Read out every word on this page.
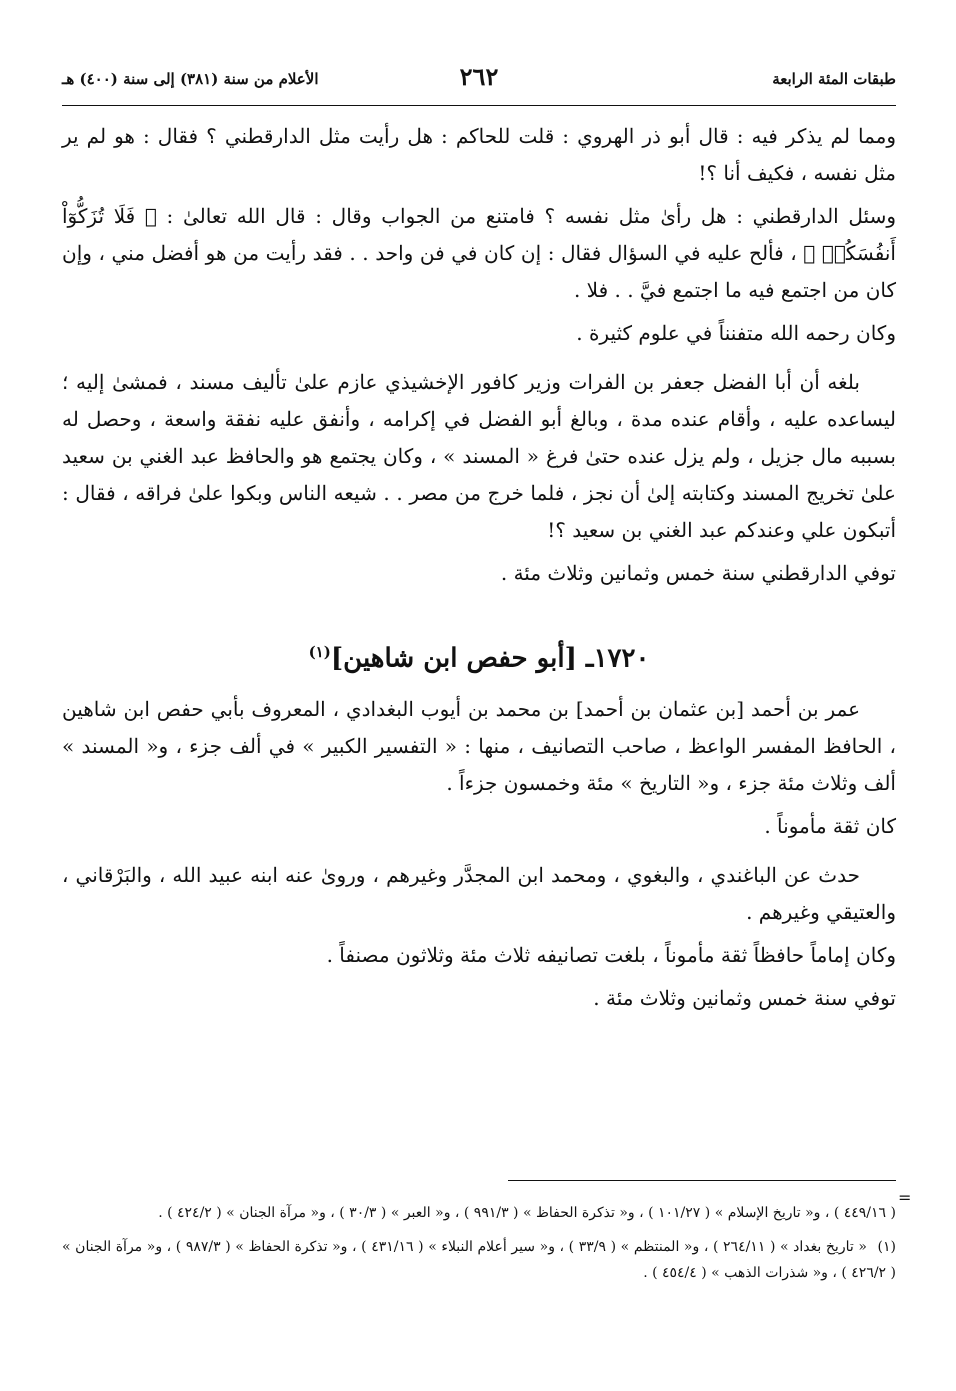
الأعلام من سنة (٣٨١) إلى سنة (٤٠٠) هـ	٢٦٢	طبقات المئة الرابعة

ومما لم يذكر فيه : قال أبو ذر الهروي : قلت للحاكم : هل رأيت مثل الدارقطني ؟ فقال : هو لم ير مثل نفسه ، فكيف أنا ؟!

وسئل الدارقطني : هل رأىٰ مثل نفسه ؟ فامتنع من الجواب وقال : قال الله تعالىٰ : ﴿ فَلَا تُزَكُّوٓاْ أَنفُسَكُمۡ ﴾ ، فألح عليه في السؤال فقال : إن كان في فن واحد . . فقد رأيت من هو أفضل مني ، وإن كان من اجتمع فيه ما اجتمع فيَّ . . فلا .

وكان رحمه الله متفنناً في علوم كثيرة .

بلغه أن أبا الفضل جعفر بن الفرات وزير كافور الإخشيذي عازم علىٰ تأليف مسند ، فمشىٰ إليه ؛ ليساعده عليه ، وأقام عنده مدة ، وبالغ أبو الفضل في إكرامه ، وأنفق عليه نفقة واسعة ، وحصل له بسببه مال جزيل ، ولم يزل عنده حتىٰ فرغ « المسند » ، وكان يجتمع هو والحافظ عبد الغني بن سعيد علىٰ تخريج المسند وكتابته إلىٰ أن نجز ، فلما خرج من مصر . . شيعه الناس وبكوا علىٰ فراقه ، فقال : أتبكون علي وعندكم عبد الغني بن سعيد ؟!

توفي الدارقطني سنة خمس وثمانين وثلاث مئة .

١٧٢٠ـ [أبو حفص ابن شاهين]$^{(١)}$

عمر بن أحمد [بن عثمان بن أحمد] بن محمد بن أيوب البغدادي ، المعروف بأبي حفص ابن شاهين ، الحافظ المفسر الواعظ ، صاحب التصانيف ، منها : « التفسير الكبير » في ألف جزء ، و« المسند » ألف وثلاث مئة جزء ، و« التاريخ » مئة وخمسون جزءاً .

كان ثقة مأموناً .

حدث عن الباغندي ، والبغوي ، ومحمد ابن المجدَّر وغيرهم ، وروىٰ عنه ابنه عبيد الله ، والبَرْقاني ، والعتيقي وغيرهم .

وكان إماماً حافظاً ثقة مأموناً ، بلغت تصانيفه ثلاث مئة وثلاثون مصنفاً .

توفي سنة خمس وثمانين وثلاث مئة .

=

( ٤٤٩/١٦ ) ، و« تاريخ الإسلام » ( ١٠١/٢٧ ) ، و« تذكرة الحفاظ » ( ٩٩١/٣ ) ، و« العبر » ( ٣٠/٣ ) ، و« مرآة الجنان » ( ٤٢٤/٢ ) .

(١) « تاريخ بغداد » ( ٢٦٤/١١ ) ، و« المنتظم » ( ٣٣/٩ ) ، و« سير أعلام النبلاء » ( ٤٣١/١٦ ) ، و« تذكرة الحفاظ » ( ٩٨٧/٣ ) ، و« مرآة الجنان » ( ٤٢٦/٢ ) ، و« شذرات الذهب » ( ٤٥٤/٤ ) .
